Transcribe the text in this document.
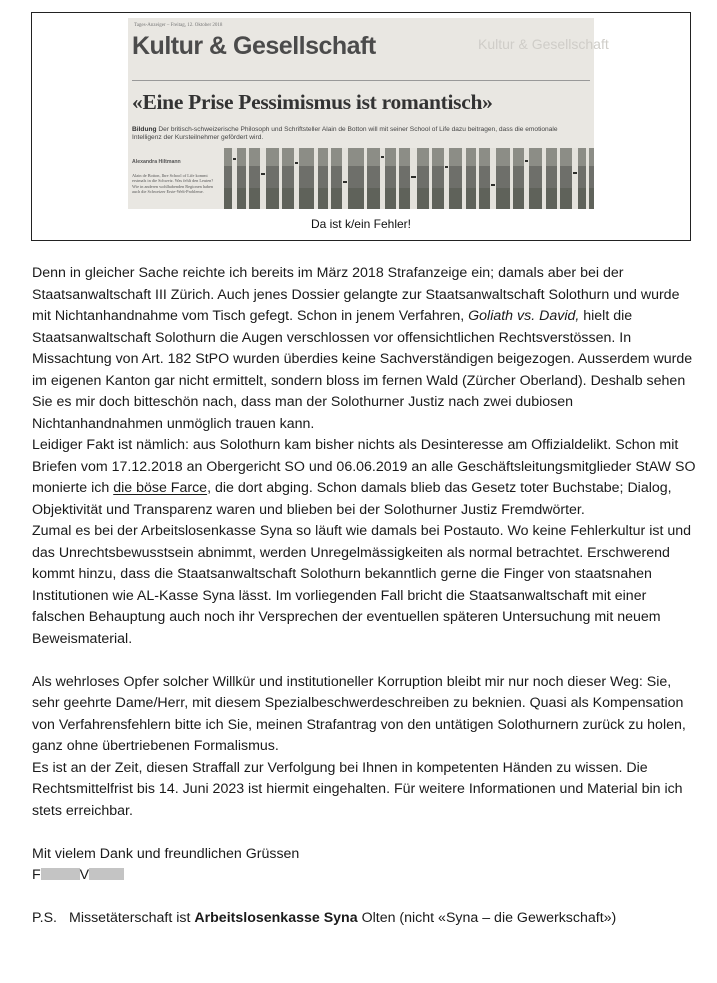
Tages-Anzeiger – Freitag, 12. Oktober 2018
Kultur & Gesellschaft	Kultur & Gesellschaft
«Eine Prise Pessimismus ist romantisch»
Bildung Der britisch-schweizerische Philosoph und Schriftsteller Alain de Botton will mit seiner School of Life dazu beitragen, dass die emotionale Intelligenz der Kursteilnehmer gefördert wird.
Alexandra Hiltmann
Alain de Botton, Ihre School of Life kommt erstmals in die Schweiz. Was fehlt den Leuten? Wie in anderen wohlhabenden Regionen haben auch die Schweizer Erste-Welt-Probleme.
Da ist k/ein Fehler!

Denn in gleicher Sache reichte ich bereits im März 2018 Strafanzeige ein; damals aber bei der Staatsanwaltschaft III Zürich. Auch jenes Dossier gelangte zur Staatsanwaltschaft Solothurn und wurde mit Nichtanhandnahme vom Tisch gefegt. Schon in jenem Verfahren, Goliath vs. David, hielt die Staatsanwaltschaft Solothurn die Augen verschlossen vor offensichtlichen Rechtsverstössen. In Missachtung von Art. 182 StPO wurden überdies keine Sachverständigen beigezogen. Ausserdem wurde im eigenen Kanton gar nicht ermittelt, sondern bloss im fernen Wald (Zürcher Oberland). Deshalb sehen Sie es mir doch bitteschön nach, dass man der Solothurner Justiz nach zwei dubiosen Nichtanhandnahmen unmöglich trauen kann.

Leidiger Fakt ist nämlich: aus Solothurn kam bisher nichts als Desinteresse am Offizialdelikt. Schon mit Briefen vom 17.12.2018 an Obergericht SO und 06.06.2019 an alle Geschäftsleitungsmitglieder StAW SO monierte ich die böse Farce, die dort abging. Schon damals blieb das Gesetz toter Buchstabe; Dialog, Objektivität und Transparenz waren und blieben bei der Solothurner Justiz Fremdwörter.

Zumal es bei der Arbeitslosenkasse Syna so läuft wie damals bei Postauto. Wo keine Fehlerkultur ist und das Unrechtsbewusstsein abnimmt, werden Unregelmässigkeiten als normal betrachtet. Erschwerend kommt hinzu, dass die Staatsanwaltschaft Solothurn bekanntlich gerne die Finger von staatsnahen Institutionen wie AL-Kasse Syna lässt. Im vorliegenden Fall bricht die Staatsanwaltschaft mit einer falschen Behauptung auch noch ihr Versprechen der eventuellen späteren Untersuchung mit neuem Beweismaterial.

Als wehrloses Opfer solcher Willkür und institutioneller Korruption bleibt mir nur noch dieser Weg: Sie, sehr geehrte Dame/Herr, mit diesem Spezialbeschwerdeschreiben zu beknien. Quasi als Kompensation von Verfahrensfehlern bitte ich Sie, meinen Strafantrag von den untätigen Solothurnern zurück zu holen, ganz ohne übertriebenen Formalismus.

Es ist an der Zeit, diesen Straffall zur Verfolgung bei Ihnen in kompetenten Händen zu wissen. Die Rechtsmittelfrist bis 14. Juni 2023 ist hiermit eingehalten. Für weitere Informationen und Material bin ich stets erreichbar.

Mit vielem Dank und freundlichen Grüssen

F	V

P.S. Missetäterschaft ist Arbeitslosenkasse Syna Olten (nicht «Syna – die Gewerkschaft»)
